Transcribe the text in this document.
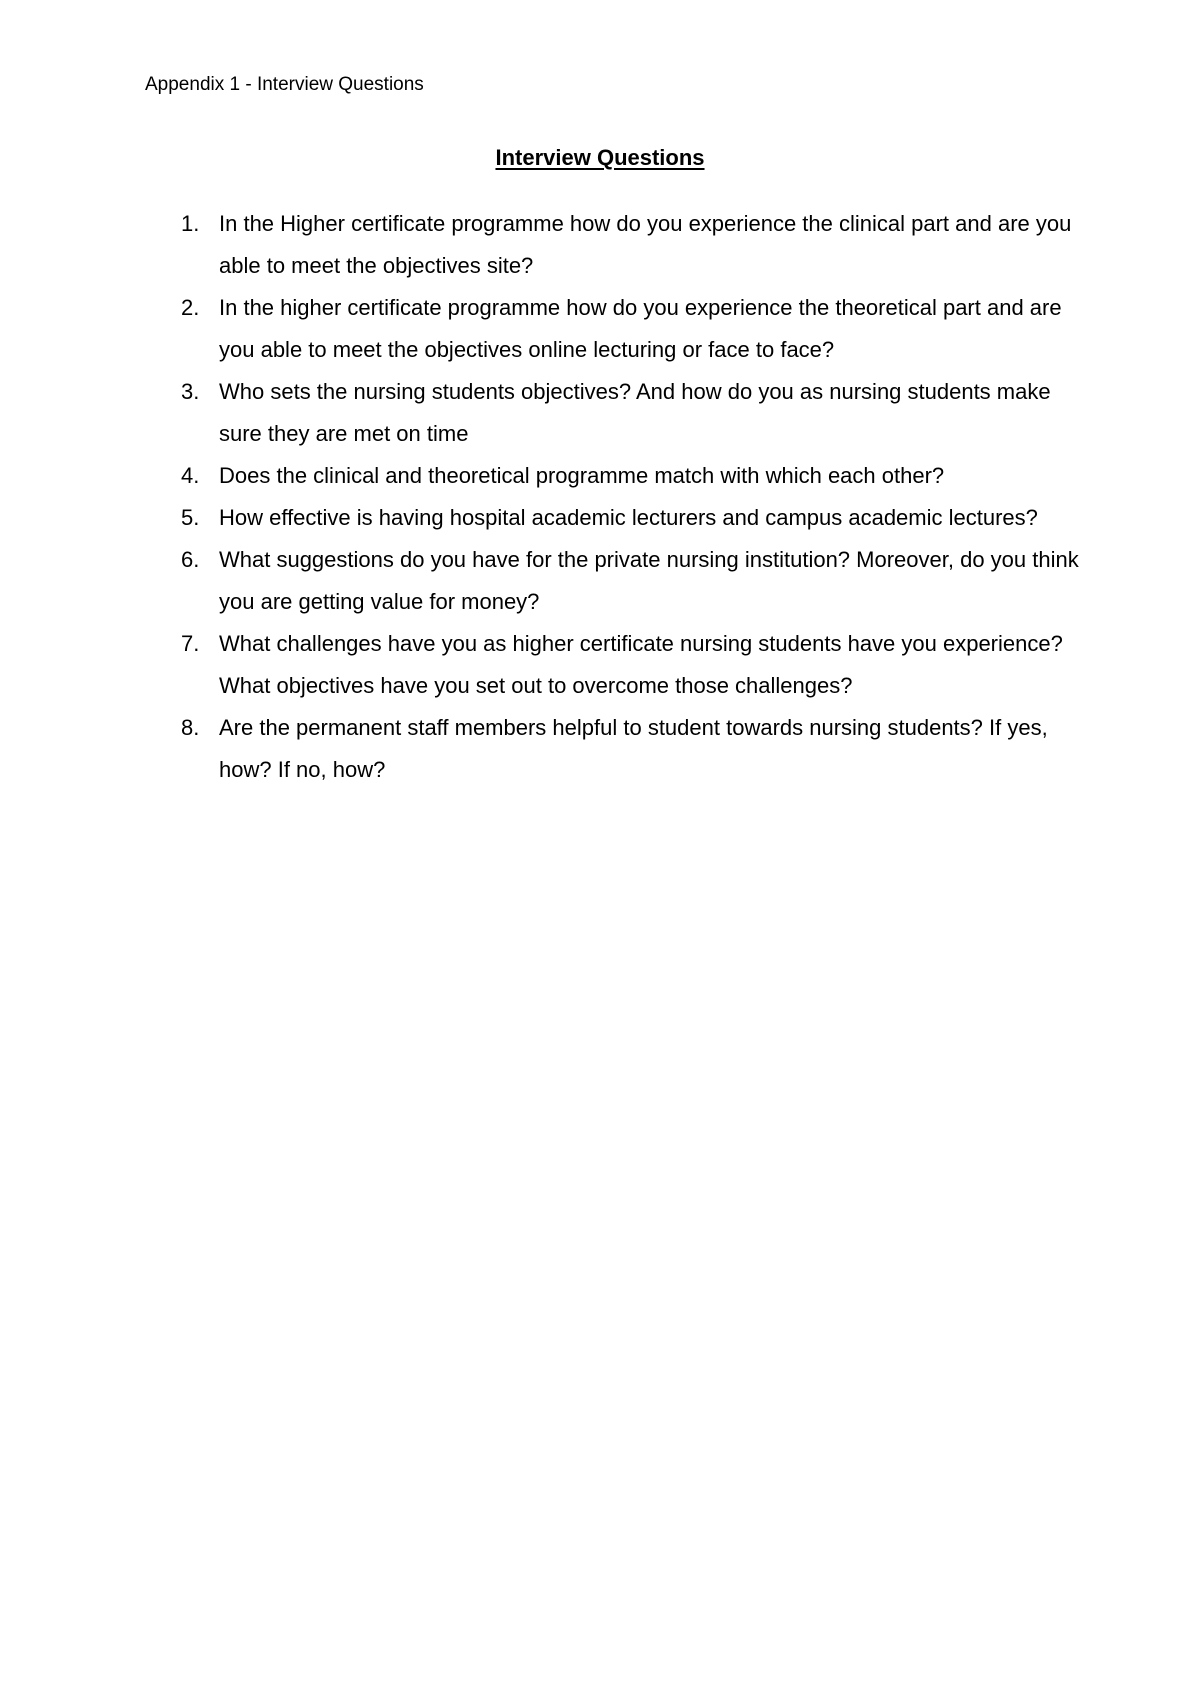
Appendix 1 - Interview Questions
Interview Questions
1. In the Higher certificate programme how do you experience the clinical part and are you able to meet the objectives site?
2. In the higher certificate programme how do you experience the theoretical part and are you able to meet the objectives online lecturing or face to face?
3. Who sets the nursing students objectives? And how do you as nursing students make sure they are met on time
4. Does the clinical and theoretical programme match with which each other?
5. How effective is having hospital academic lecturers and campus academic lectures?
6. What suggestions do you have for the private nursing institution? Moreover, do you think you are getting value for money?
7. What challenges have you as higher certificate nursing students have you experience? What objectives have you set out to overcome those challenges?
8. Are the permanent staff members helpful to student towards nursing students? If yes, how? If no, how?
